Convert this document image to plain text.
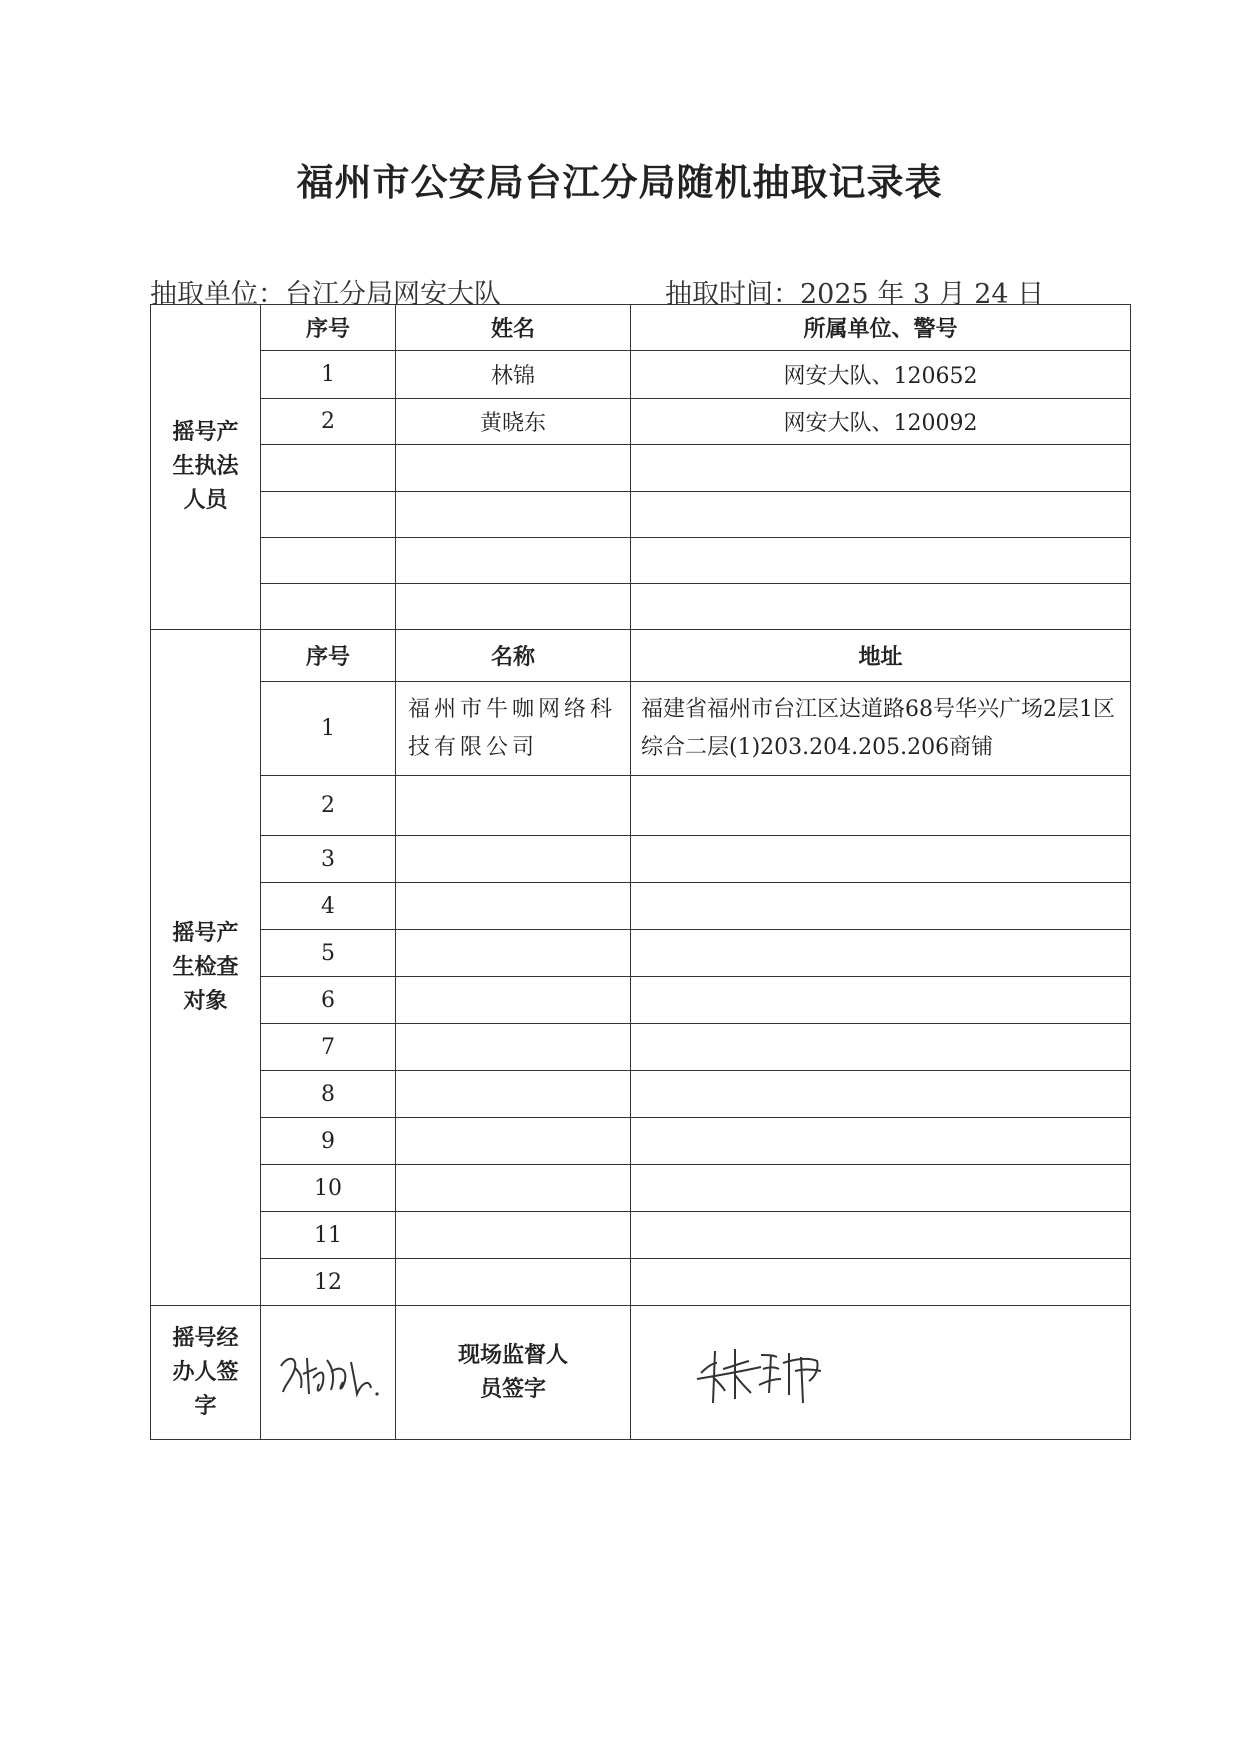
福州市公安局台江分局随机抽取记录表
抽取单位：台江分局网安大队	抽取时间：2025 年 3 月 24 日
摇号产生执法人员	序号	姓名	所属单位、警号
	1	林锦	网安大队、120652
	2	黄晓东	网安大队、120092

摇号产生检查对象	序号	名称	地址
	1	福州市牛咖网络科技有限公司	福建省福州市台江区达道路68号华兴广场2层1区综合二层(1)203.204.205.206商铺
	2		
	3		
	4		
	5		
	6		
	7		
	8		
	9		
	10		
	11		
	12		

摇号经办人签字		现场监督人员签字
